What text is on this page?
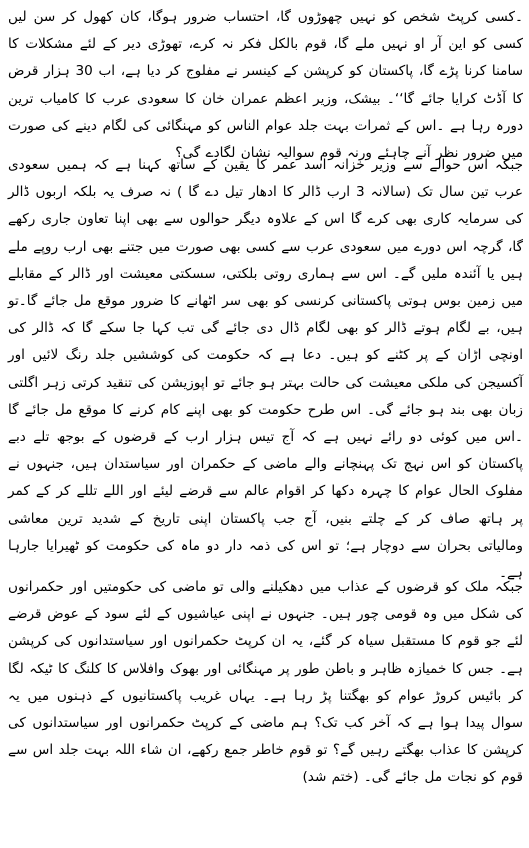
۔کسی کرپٹ شخص کو نہیں چھوڑوں گا، احتساب ضرور ہوگا، کان کھول کر سن لیں کسی کو این آر او نہیں ملے گا، قوم بالکل فکر نہ کرے، تھوڑی دیر کے لئے مشکلات کا سامنا کرنا پڑے گا، پاکستان کو کرپشن کے کینسر نے مفلوج کر دیا ہے، اب 30 ہزار قرض کا آڈٹ کرایا جائے گا‘‘۔ بیشک، وزیر اعظم عمران خان کا سعودی عرب کا کامیاب ترین دورہ رہا ہے ۔اس کے ثمرات بہت جلد عوام الناس کو مہنگائی کی لگام دینے کی صورت میں ضرور نظر آنے چاہئے ورنہ قوم سوالیہ نشان لگادے گی؟

جبکہ اس حوالے سے وزیر خزانہ اسد عمر کا یقین کے ساتھ کہنا ہے کہ ہمیں سعودی عرب تین سال تک (سالانہ 3 ارب ڈالر کا ادھار تیل دے گا ) نہ صرف یہ بلکہ اربوں ڈالر کی سرمایہ کاری بھی کرے گا اس کے علاوہ دیگر حوالوں سے بھی اپنا تعاون جاری رکھے گا، گرچہ اس دورے میں سعودی عرب سے کسی بھی صورت میں جتنے بھی ارب روپے ملے ہیں یا آئندہ ملیں گے۔ اس سے ہماری روتی بلکتی، سسکتی معیشت اور ڈالر کے مقابلے میں زمین بوس ہوتی پاکستانی کرنسی کو بھی سر اٹھانے کا ضرور موقع مل جائے گا۔تو ہیں، بے لگام ہوتے ڈالر کو بھی لگام ڈال دی جائے گی تب کہا جا سکے گا کہ ڈالر کی اونچی اڑان کے پر کٹنے کو ہیں۔ دعا ہے کہ حکومت کی کوششیں جلد رنگ لائیں اور آکسیجن کی ملکی معیشت کی حالت بہتر ہو جائے تو اپوزیشن کی تنقید کرتی زہر اگلتی زبان بھی بند ہو جائے گی۔ اس طرح حکومت کو بھی اپنے کام کرنے کا موقع مل جائے گا ۔اس میں کوئی دو رائے نہیں ہے کہ آج تیس ہزار ارب کے قرضوں کے بوجھ تلے دبے پاکستان کو اس نہج تک پہنچانے والے ماضی کے حکمران اور سیاستدان ہیں، جنہوں نے مفلوک الحال عوام کا چہرہ دکھا کر اقوام عالم سے قرضے لیئے اور اللے تللے کر کے کمر پر ہاتھ صاف کر کے چلتے بنیں، آج جب پاکستان اپنی تاریخ کے شدید ترین معاشی ومالیاتی بحران سے دوچار ہے؛ تو اس کی ذمہ دار دو ماہ کی حکومت کو ٹھیرایا جارہا ہے۔

جبکہ ملک کو قرضوں کے عذاب میں دھکیلنے والی تو ماضی کی حکومتیں اور حکمرانوں کی شکل میں وہ قومی چور ہیں۔ جنہوں نے اپنی عیاشیوں کے لئے سود کے عوض قرضے لئے جو قوم کا مستقبل سیاہ کر گئے، یہ ان کرپٹ حکمرانوں اور سیاستدانوں کی کرپشن ہے۔ جس کا خمیازہ ظاہر و باطن طور پر مہنگائی اور بھوک وافلاس کا کلنگ کا ٹیکہ لگا کر بائیس کروڑ عوام کو بھگتنا پڑ رہا ہے۔ یہاں غریب پاکستانیوں کے ذہنوں میں یہ سوال پیدا ہوا ہے کہ آخر کب تک؟ ہم ماضی کے کرپٹ حکمرانوں اور سیاستدانوں کی کرپشن کا عذاب بھگتے رہیں گے؟ تو قوم خاطر جمع رکھے، ان شاء اللہ بہت جلد اس سے قوم کو نجات مل جائے گی۔ (ختم شد)
